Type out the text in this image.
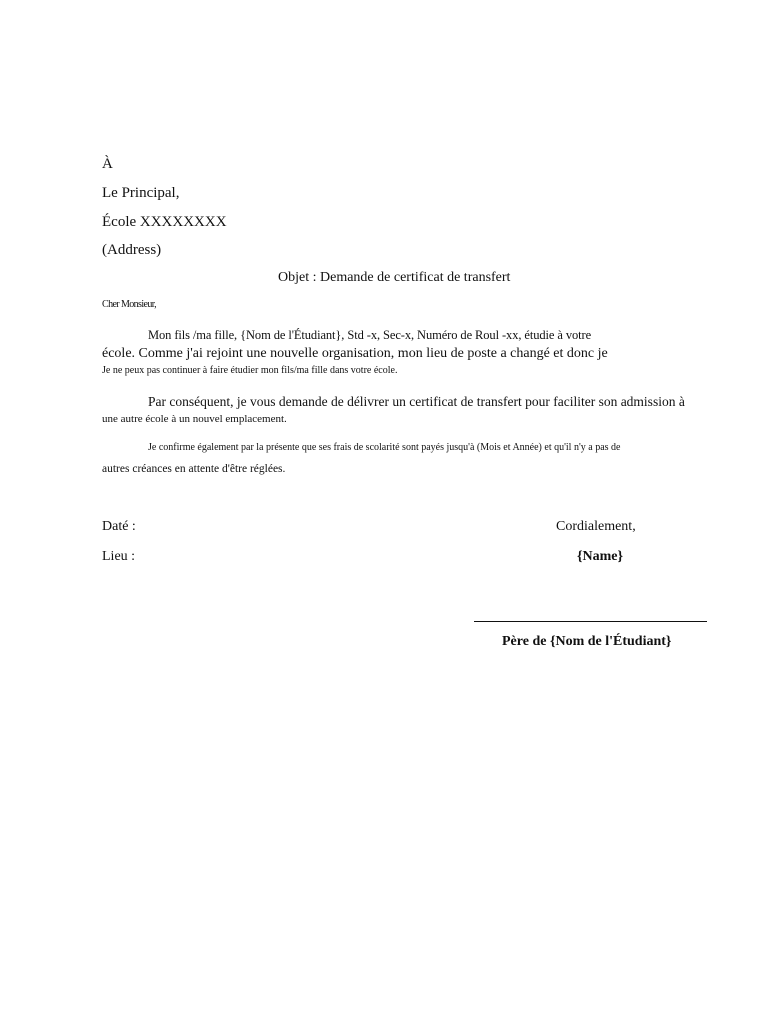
À
Le Principal,
École XXXXXXXX
(Address)
Objet : Demande de certificat de transfert
Cher Monsieur,
Mon fils /ma fille, {Nom de l'Étudiant}, Std -x, Sec-x, Numéro de Roul -xx, étudie à votre
école. Comme j'ai rejoint une nouvelle organisation, mon lieu de poste a changé et donc je
Je ne peux pas continuer à faire étudier mon fils/ma fille dans votre école.
Par conséquent, je vous demande de délivrer un certificat de transfert pour faciliter son admission à
une autre école à un nouvel emplacement.
Je confirme également par la présente que ses frais de scolarité sont payés jusqu'à (Mois et Année) et qu'il n'y a pas de
autres créances en attente d'être réglées.
Daté :
Lieu :
Cordialement,
{Name}
Père de {Nom de l'Étudiant}
